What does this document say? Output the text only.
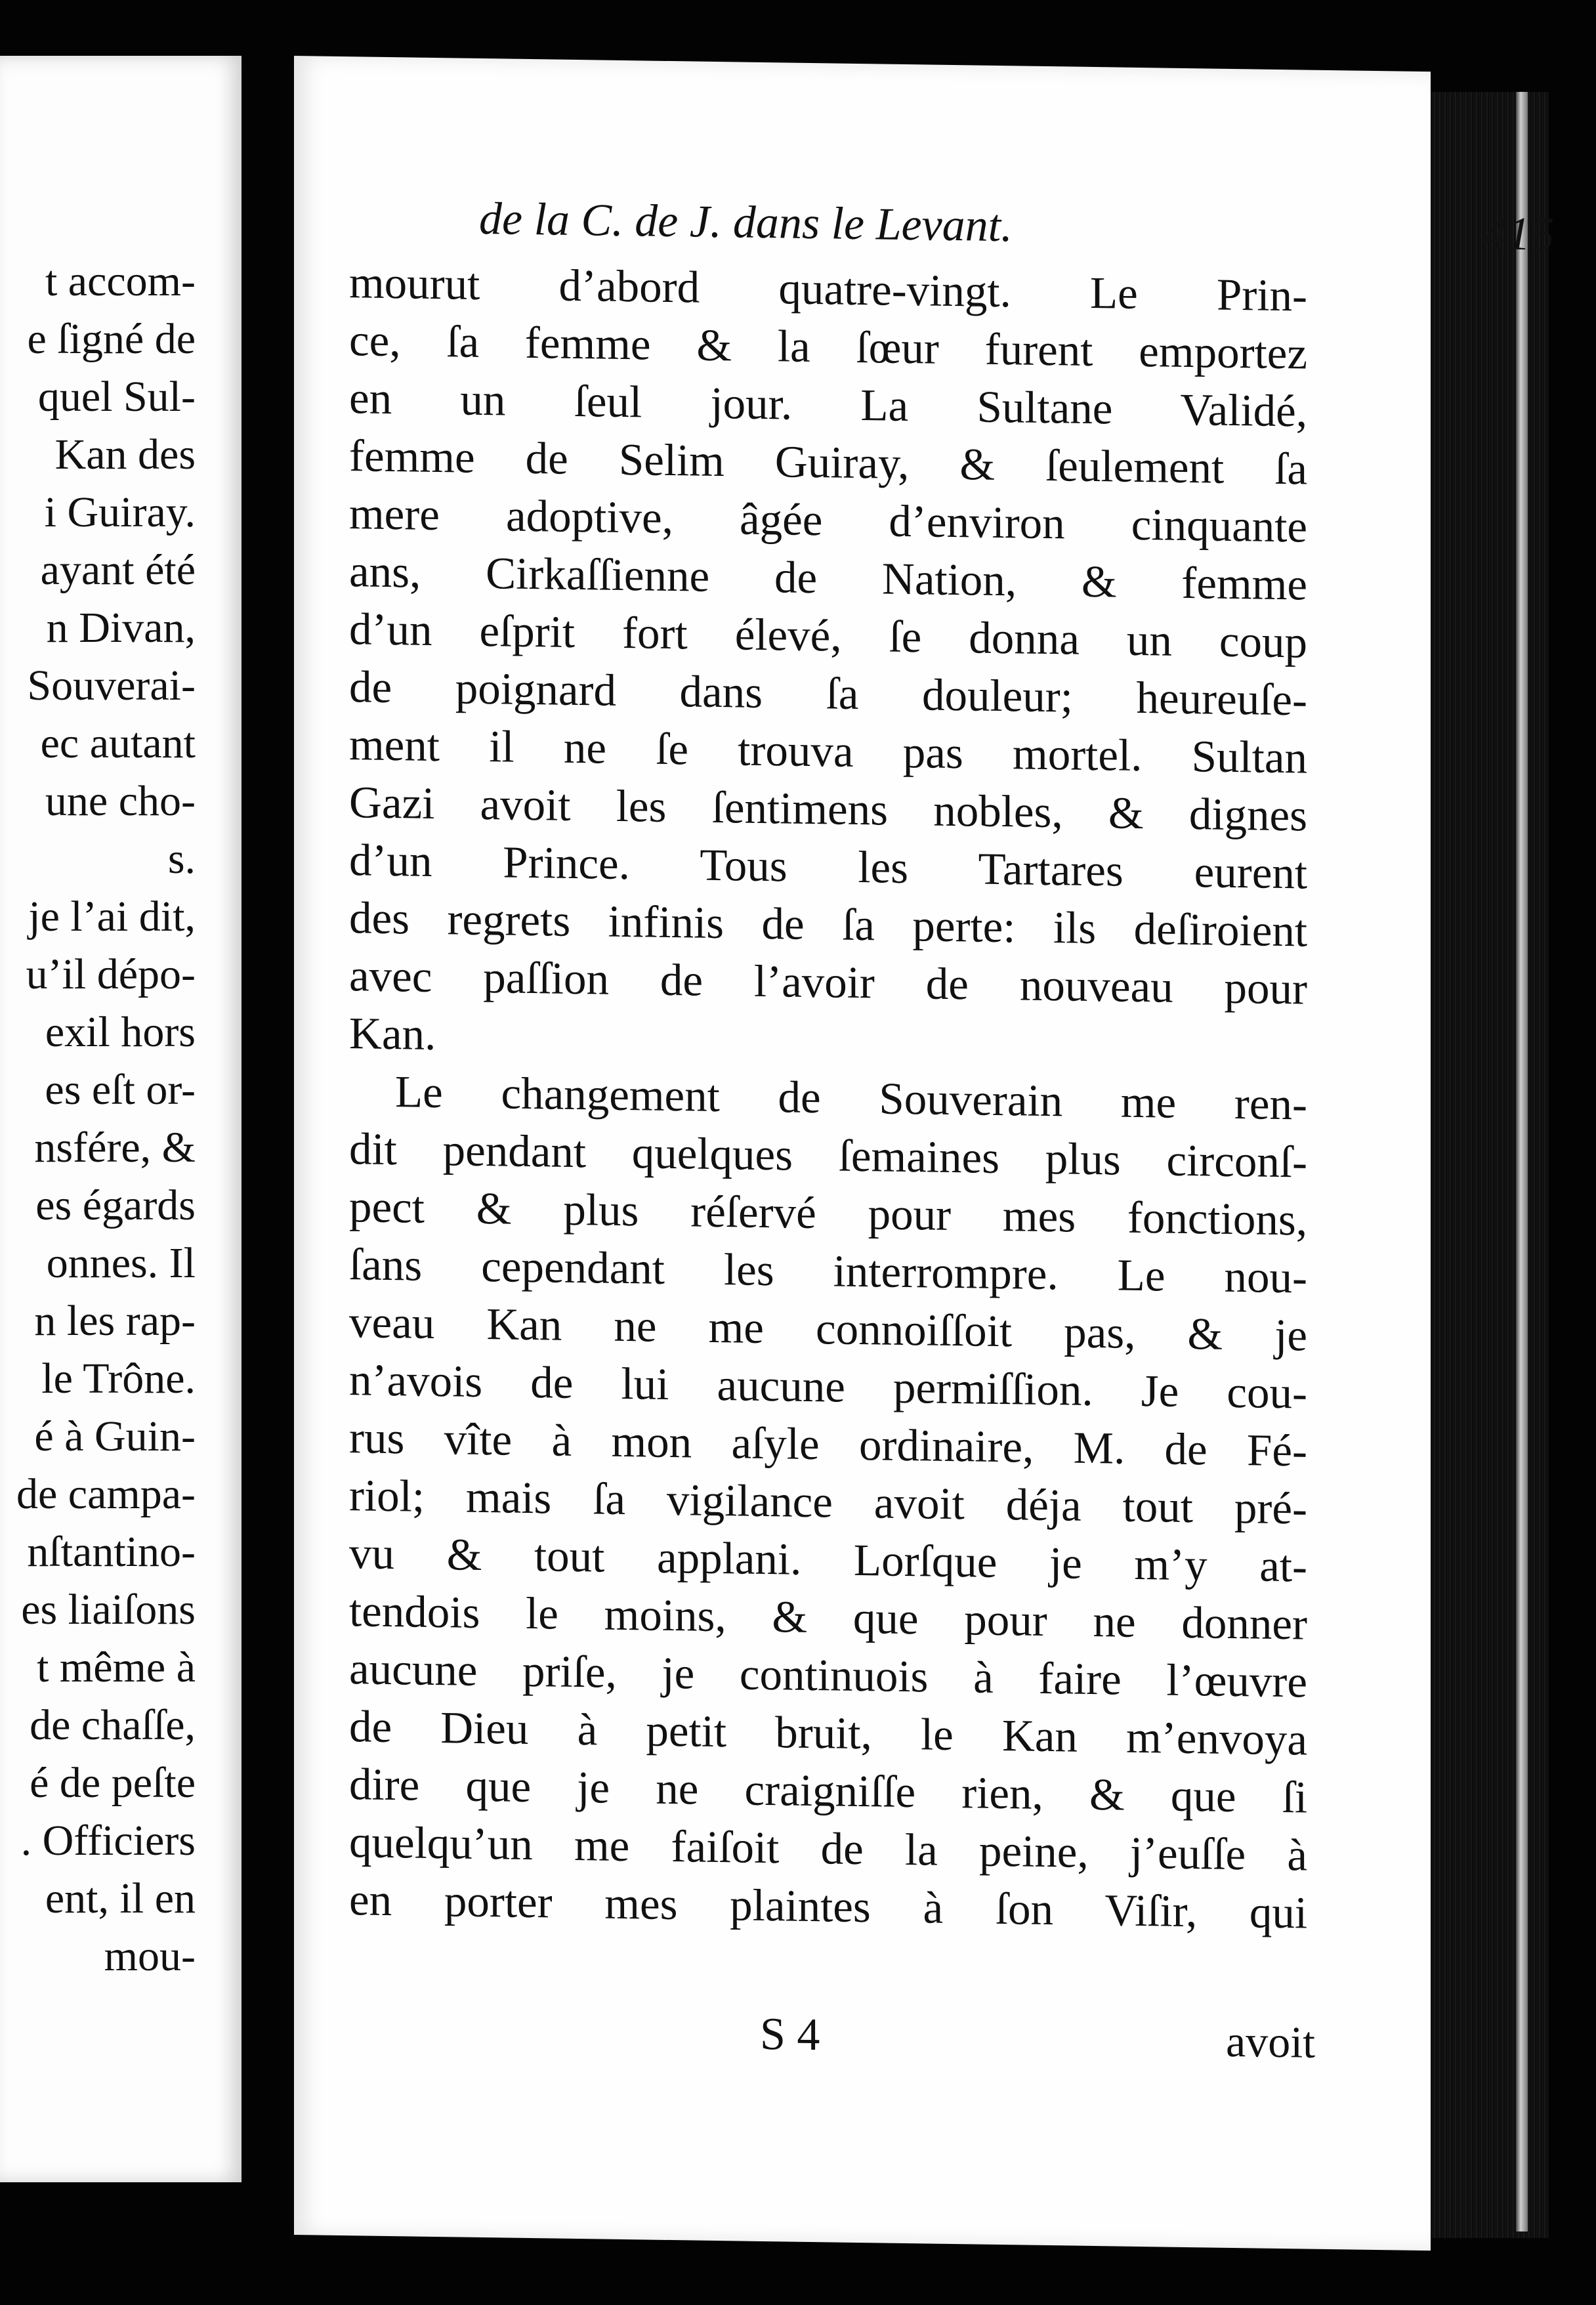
t accom-
e ſigné de
quel Sul-
Kan des
i Guiray.
ayant été
n Divan,
Souverai-
ec autant
une cho-
s.
je l’ai dit,
u’il dépo-
exil hors
es eſt or-
nsfére, &
es égards
onnes. Il
n les rap-
le Trône.
é à Guin-
de campa-
nſtantino-
es liaiſons
t même à
de chaſſe,
é de peſte
. Officiers
ent, il en
mou-
de la C. de J. dans le Levant.	415
mourut d’abord quatre-vingt. Le Prin-
ce, ſa femme & la ſœur furent emportez
en un ſeul jour. La Sultane Validé,
femme de Selim Guiray, & ſeulement ſa
mere adoptive, âgée d’environ cinquante
ans, Cirkaſſienne de Nation, & femme
d’un eſprit fort élevé, ſe donna un coup
de poignard dans ſa douleur; heureuſe-
ment il ne ſe trouva pas mortel. Sultan
Gazi avoit les ſentimens nobles, & dignes
d’un Prince. Tous les Tartares eurent
des regrets infinis de ſa perte: ils deſiroient
avec paſſion de l’avoir de nouveau pour
Kan.
Le changement de Souverain me ren-
dit pendant quelques ſemaines plus circonſ-
pect & plus réſervé pour mes fonctions,
ſans cependant les interrompre. Le nou-
veau Kan ne me connoiſſoit pas, & je
n’avois de lui aucune permiſſion. Je cou-
rus vîte à mon aſyle ordinaire, M. de Fé-
riol; mais ſa vigilance avoit déja tout pré-
vu & tout applani. Lorſque je m’y at-
tendois le moins, & que pour ne donner
aucune priſe, je continuois à faire l’œuvre
de Dieu à petit bruit, le Kan m’envoya
dire que je ne craigniſſe rien, & que ſi
quelqu’un me faiſoit de la peine, j’euſſe à
en porter mes plaintes à ſon Viſir, qui
S 4	avoit
